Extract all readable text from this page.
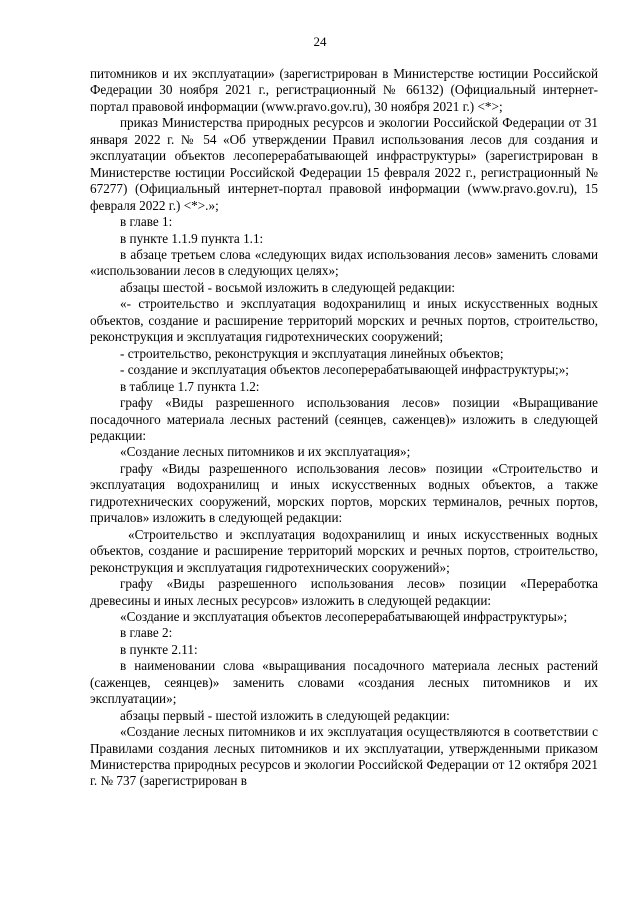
24

питомников и их эксплуатации» (зарегистрирован в Министерстве юстиции Российской Федерации 30 ноября 2021 г., регистрационный № 66132) (Официальный интернет-портал правовой информации (www.pravo.gov.ru), 30 ноября 2021 г.) <*>;

приказ Министерства природных ресурсов и экологии Российской Федерации от 31 января 2022 г. № 54 «Об утверждении Правил использования лесов для создания и эксплуатации объектов лесоперерабатывающей инфраструктуры» (зарегистрирован в Министерстве юстиции Российской Федерации 15 февраля 2022 г., регистрационный № 67277) (Официальный интернет-портал правовой информации (www.pravo.gov.ru), 15 февраля 2022 г.) <*>.»;

в главе 1:

в пункте 1.1.9 пункта 1.1:

в абзаце третьем слова «следующих видах использования лесов» заменить словами «использовании лесов в следующих целях»;

абзацы шестой - восьмой изложить в следующей редакции:

«- строительство и эксплуатация водохранилищ и иных искусственных водных объектов, создание и расширение территорий морских и речных портов, строительство, реконструкция и эксплуатация гидротехнических сооружений;

- строительство, реконструкция и эксплуатация линейных объектов;

- создание и эксплуатация объектов лесоперерабатывающей инфраструктуры;»;

в таблице 1.7 пункта 1.2:

графу «Виды разрешенного использования лесов» позиции «Выращивание посадочного материала лесных растений (сеянцев, саженцев)» изложить в следующей редакции:

«Создание лесных питомников и их эксплуатация»;

графу «Виды разрешенного использования лесов» позиции «Строительство и эксплуатация водохранилищ и иных искусственных водных объектов, а также гидротехнических сооружений, морских портов, морских терминалов, речных портов, причалов» изложить в следующей редакции:

«Строительство и эксплуатация водохранилищ и иных искусственных водных объектов, создание и расширение территорий морских и речных портов, строительство, реконструкция и эксплуатация гидротехнических сооружений»;

графу «Виды разрешенного использования лесов» позиции «Переработка древесины и иных лесных ресурсов» изложить в следующей редакции:

«Создание и эксплуатация объектов лесоперерабатывающей инфраструктуры»;

в главе 2:

в пункте 2.11:

в наименовании слова «выращивания посадочного материала лесных растений (саженцев, сеянцев)» заменить словами «создания лесных питомников и их эксплуатации»;

абзацы первый - шестой изложить в следующей редакции:

«Создание лесных питомников и их эксплуатация осуществляются в соответствии с Правилами создания лесных питомников и их эксплуатации, утвержденными приказом Министерства природных ресурсов и экологии Российской Федерации от 12 октября 2021 г. № 737 (зарегистрирован в
